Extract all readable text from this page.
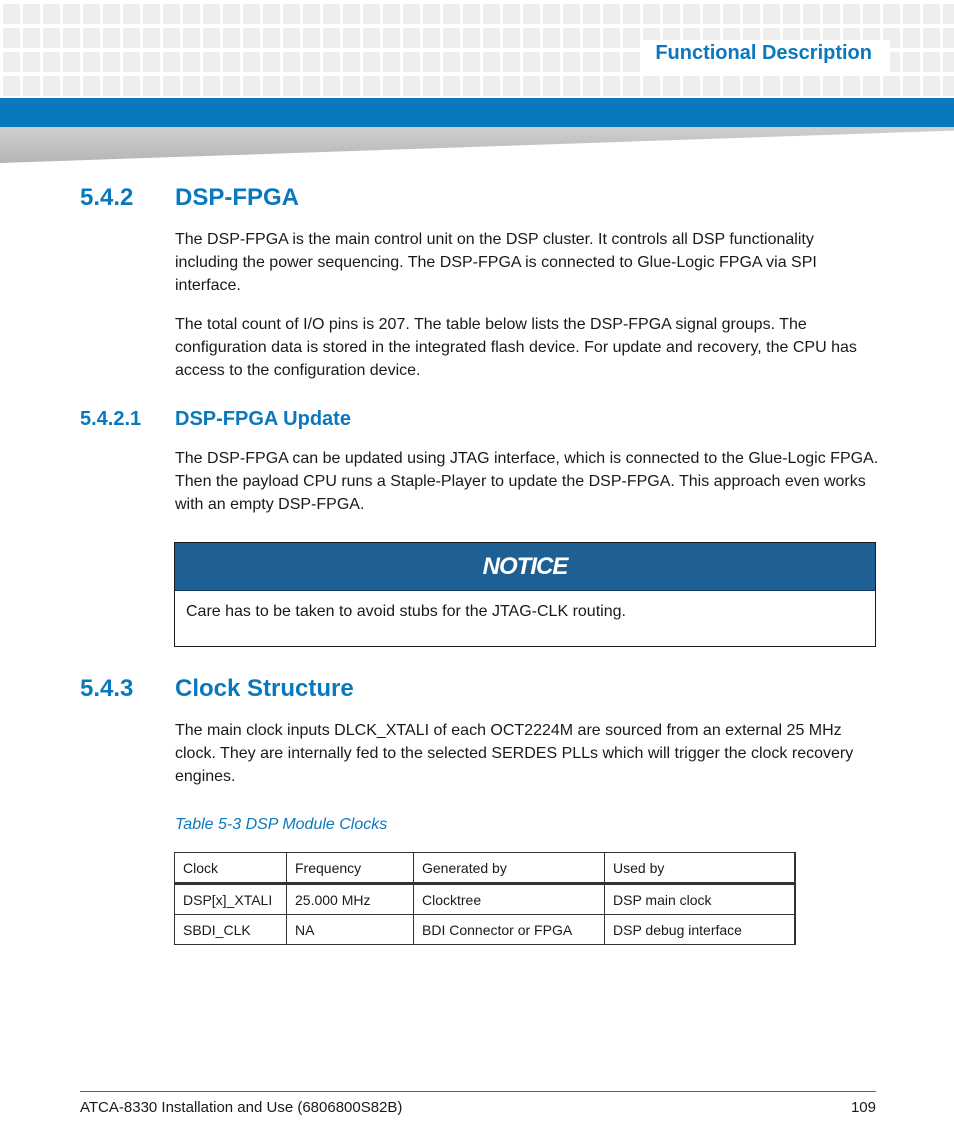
Functional Description
5.4.2 DSP-FPGA

The DSP-FPGA is the main control unit on the DSP cluster. It controls all DSP functionality including the power sequencing. The DSP-FPGA is connected to Glue-Logic FPGA via SPI interface.

The total count of I/O pins is 207. The table below lists the DSP-FPGA signal groups. The configuration data is stored in the integrated flash device. For update and recovery, the CPU has access to the configuration device.

5.4.2.1 DSP-FPGA Update

The DSP-FPGA can be updated using JTAG interface, which is connected to the Glue-Logic FPGA. Then the payload CPU runs a Staple-Player to update the DSP-FPGA. This approach even works with an empty DSP-FPGA.

NOTICE
Care has to be taken to avoid stubs for the JTAG-CLK routing.
5.4.3 Clock Structure

The main clock inputs DLCK_XTALI of each OCT2224M are sourced from an external 25 MHz clock. They are internally fed to the selected SERDES PLLs which will trigger the clock recovery engines.

Table 5-3 DSP Module Clocks
Clock	Frequency	Generated by	Used by
DSP[x]_XTALI	25.000 MHz	Clocktree	DSP main clock
SBDI_CLK	NA	BDI Connector or FPGA	DSP debug interface
ATCA-8330 Installation and Use (6806800S82B)	109
